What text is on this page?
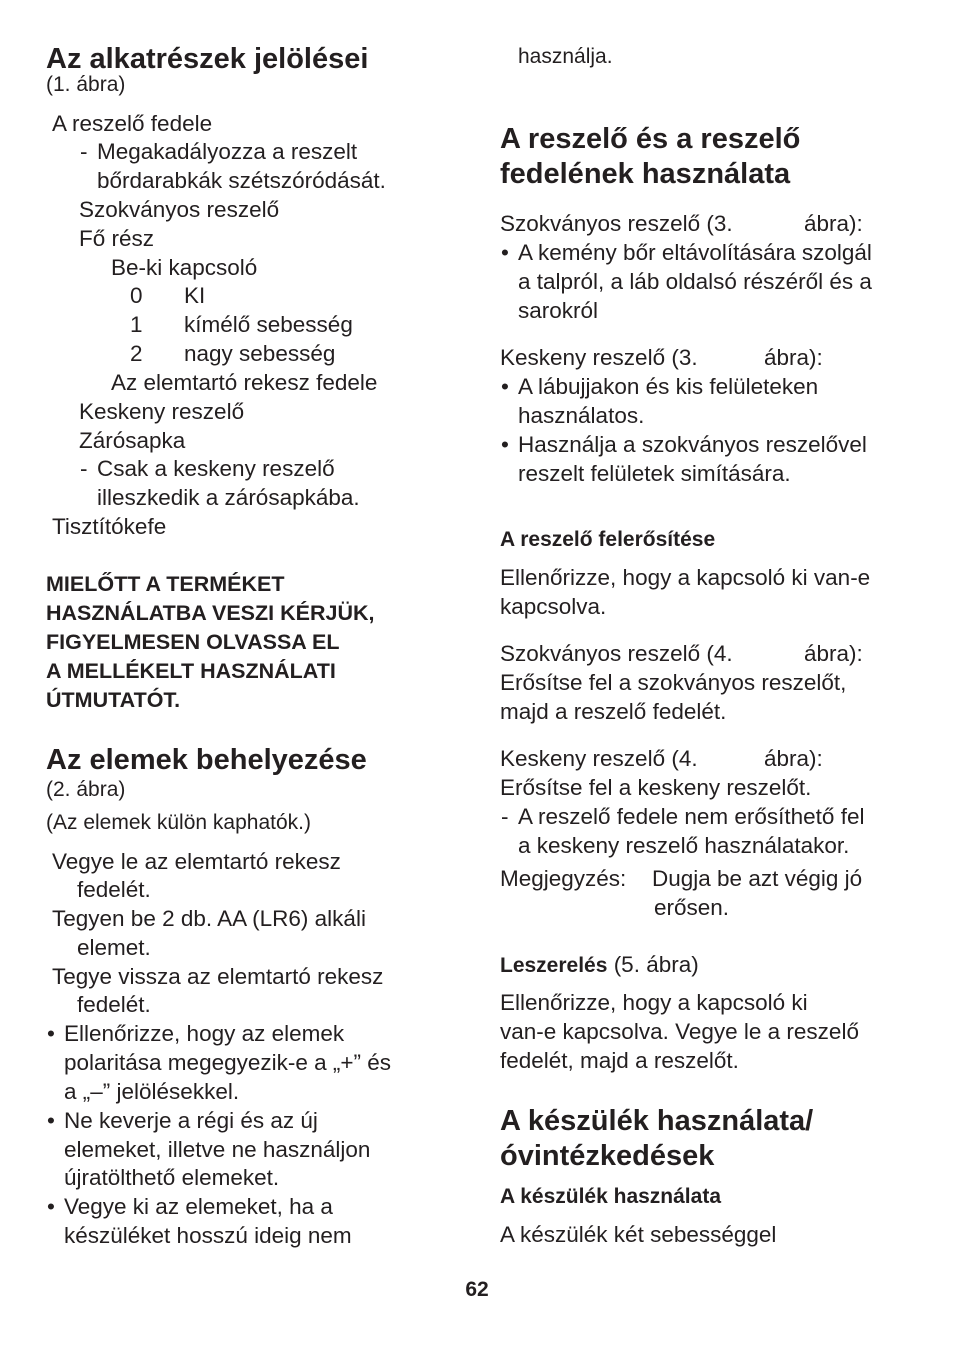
Az alkatrészek jelölései
(1. ábra)
A reszelő fedele
- Megakadályozza a reszelt
bőrdarabkák szétszóródását.
Szokványos reszelő
Fő rész
Be-ki kapcsoló
0 KI
1 kímélő sebesség
2 nagy sebesség
Az elemtartó rekesz fedele
Keskeny reszelő
Zárósapka
- Csak a keskeny reszelő
illeszkedik a zárósapkába.
Tisztítókefe
MIELŐTT A TERMÉKET
HASZNÁLATBA VESZI KÉRJÜK,
FIGYELMESEN OLVASSA EL
A MELLÉKELT HASZNÁLATI
ÚTMUTATÓT.
Az elemek behelyezése
(2. ábra)
(Az elemek külön kaphatók.)
Vegye le az elemtartó rekesz
fedelét.
Tegyen be 2 db. AA (LR6) alkáli
elemet.
Tegye vissza az elemtartó rekesz
fedelét.
• Ellenőrizze, hogy az elemek
polaritása megegyezik-e a „+” és
a „–” jelölésekkel.
• Ne keverje a régi és az új
elemeket, illetve ne használjon
újratölthető elemeket.
• Vegye ki az elemeket, ha a
készüléket hosszú ideig nem
használja.
A reszelő és a reszelő
fedelének használata
Szokványos reszelő (3.	ábra):
• A kemény bőr eltávolítására szolgál
a talpról, a láb oldalsó részéről és a
sarokról
Keskeny reszelő (3.	ábra):
• A lábujjakon és kis felületeken
használatos.
• Használja a szokványos reszelővel
reszelt felületek simítására.
A reszelő felerősítése
Ellenőrizze, hogy a kapcsoló ki van-e
kapcsolva.
Szokványos reszelő (4.	ábra):
Erősítse fel a szokványos reszelőt,
majd a reszelő fedelét.
Keskeny reszelő (4.	ábra):
Erősítse fel a keskeny reszelőt.
- A reszelő fedele nem erősíthető fel
a keskeny reszelő használatakor.
Megjegyzés: Dugja be azt végig jó
erősen.
Leszerelés (5. ábra)
Ellenőrizze, hogy a kapcsoló ki
van-e kapcsolva. Vegye le a reszelő
fedelét, majd a reszelőt.
A készülék használata/
óvintézkedések
A készülék használata
A készülék két sebességgel
62
